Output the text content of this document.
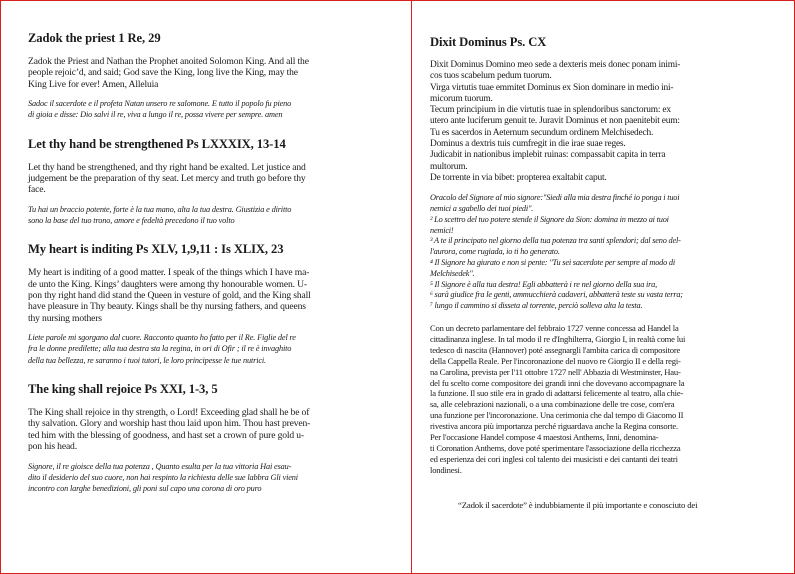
Zadok the priest 1 Re, 29
Zadok the Priest and Nathan the Prophet anoited Solomon King. And all the
people rejoic’d, and said; God save the King, long live the King, may the
King Live for ever! Amen, Alleluia
Sadoc il sacerdote e il profeta Natan unsero re salomone. E tutto il popolo fu pieno
di gioia e disse: Dio salvi il re, viva a lungo il re, possa vivere per sempre. amen
Let thy hand be strengthened Ps LXXXIX, 13-14
Let thy hand be strengthened, and thy right hand be exalted. Let justice and
judgement be the preparation of thy seat. Let mercy and truth go before thy
face.
Tu hai un braccio potente, forte è la tua mano, alta la tua destra. Giustizia e diritto
sono la base del tuo trono, amore e fedeltà precedono il tuo volto
My heart is inditing Ps XLV, 1,9,11 : Is XLIX, 23
My heart is inditing of a good matter. I speak of the things which I have ma-
de unto the King. Kings’ daughters were among thy honourable women. U-
pon thy right hand did stand the Queen in vesture of gold, and the King shall
have pleasure in Thy beauty. Kings shall be thy nursing fathers, and queens
thy nursing mothers
Liete parole mi sgorgano dal cuore. Racconto quanto ho fatto per il Re. Figlie del re
fra le donne predilette; alla tua destra sta la regina, in ori di Ofir ; il re è invaghito
della tua bellezza, re saranno i tuoi tutori, le loro principesse le tue nutrici.
The king shall rejoice Ps XXI, 1-3, 5
The King shall rejoice in thy strength, o Lord! Exceeding glad shall he be of
thy salvation. Glory and worship hast thou laid upon him. Thou hast preven-
ted him with the blessing of goodness, and hast set a crown of pure gold u-
pon his head.
Signore, il re gioisce della tua potenza , Quanto esulta per la tua vittoria Hai esau-
dito il desiderio del suo cuore, non hai respinto la richiesta delle sue labbra Gli vieni
incontro con larghe benedizioni, gli poni sul capo una corona di oro puro
Dixit Dominus Ps. CX
Dixit Dominus Domino meo sede a dexteris meis donec ponam inimi-
cos tuos scabelum pedum tuorum.
Virga virtutis tuae emmitet Dominus ex Sion dominare in medio ini-
micorum tuorum.
Tecum principium in die virtutis tuae in splendoribus sanctorum: ex
utero ante luciferum genuit te. Juravit Dominus et non paenitebit eum:
Tu es sacerdos in Aeternum secundum ordinem Melchisedech.
Dominus a dextris tuis cumfregit in die irae suae reges.
Judicabit in nationibus implebit ruinas: compassabit capita in terra
multorum.
De torrente in via bibet: propterea exaltabit caput.
Oracolo del Signore al mio signore:"Siedi alla mia destra finché io ponga i tuoi
nemici a sgabello dei tuoi piedi".
² Lo scettro del tuo potere stende il Signore da Sion: domina in mezzo ai tuoi
nemici!
³ A te il principato nel giorno della tua potenza tra santi splendori; dal seno del-
l'aurora, come rugiada, io ti ho generato.
⁴ Il Signore ha giurato e non si pente: "Tu sei sacerdote per sempre al modo di
Melchisedek".
⁵ Il Signore è alla tua destra! Egli abbatterà i re nel giorno della sua ira,
⁶ sarà giudice fra le genti, ammucchierà cadaveri, abbatterà teste su vasta terra;
⁷ lungo il cammino si disseta al torrente, perciò solleva alta la testa.
Con un decreto parlamentare del febbraio 1727 venne concessa ad Handel la
cittadinanza inglese. In tal modo il re d'Inghilterra, Giorgio I, in realtà come lui
tedesco di nascita (Hannover) poté assegnargli l'ambita carica di compositore
della Cappella Reale. Per l'incoronazione del nuovo re Giorgio II e della regi-
na Carolina, prevista per l'11 ottobre 1727 nell' Abbazia di Westminster, Hau-
del fu scelto come compositore dei grandi inni che dovevano accompagnare la
la funzione. Il suo stile era in grado di adattarsi felicemente al teatro, alla chie-
sa, alle celebrazioni nazionali, o a una combinazione delle tre cose, com'era
una funzione per l'incoronazione. Una cerimonia che dal tempo di Giacomo II
rivestiva ancora più importanza perché riguardava anche la Regina consorte.
Per l'occasione Handel compose 4 maestosi Anthems, Inni, denomina-
ti Coronation Anthems, dove poté sperimentare l'associazione della ricchezza
ed esperienza dei cori inglesi col talento dei musicisti e dei cantanti dei teatri
londinesi.
“Zadok il sacerdote” è indubbiamente il più importante e conosciuto dei
